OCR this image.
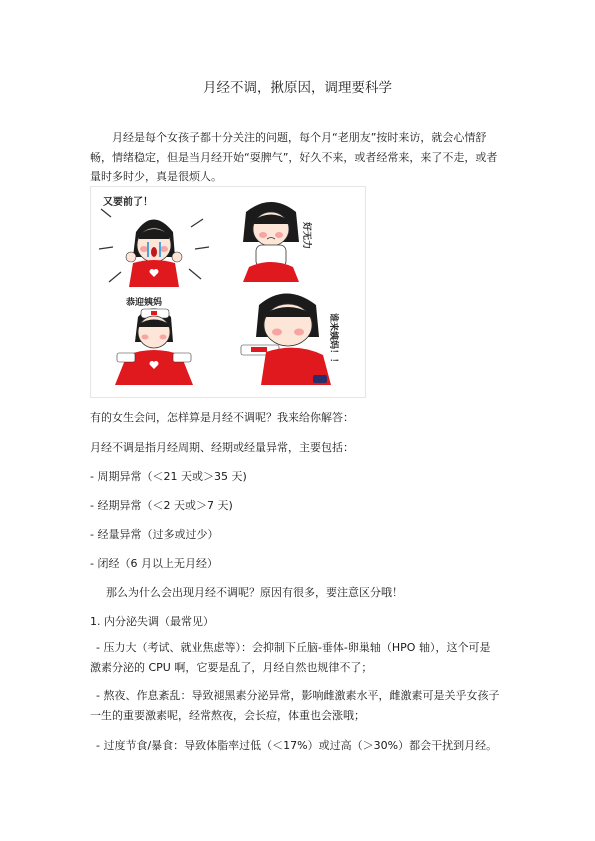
月经不调，揪原因，调理要科学
月经是每个女孩子都十分关注的问题，每个月“老朋友”按时来访，就会心情舒畅，情绪稳定，但是当月经开始“耍脾气”，好久不来，或者经常来，来了不走，或者量时多时少，真是很烦人。
又要前了！
好无力
恭迎姨妈
谁来姨妈！！
有的女生会问，怎样算是月经不调呢？我来给你解答：
月经不调是指月经周期、经期或经量异常，主要包括：
- 周期异常（＜21 天或＞35 天)
- 经期异常（＜2 天或＞7 天)
- 经量异常（过多或过少）
- 闭经（6 月以上无月经）
那么为什么会出现月经不调呢？原因有很多，要注意区分哦！
1. 内分泌失调（最常见）
- 压力大（考试、就业焦虑等）：会抑制下丘脑-垂体-卵巢轴（HPO 轴），这个可是
激素分泌的 CPU 啊，它要是乱了，月经自然也规律不了；
- 熬夜、作息紊乱：导致褪黑素分泌异常，影响雌激素水平，雌激素可是关乎女孩子
一生的重要激素呢，经常熬夜，会长痘，体重也会涨哦；
- 过度节食/暴食：导致体脂率过低（＜17%）或过高（＞30%）都会干扰到月经。
